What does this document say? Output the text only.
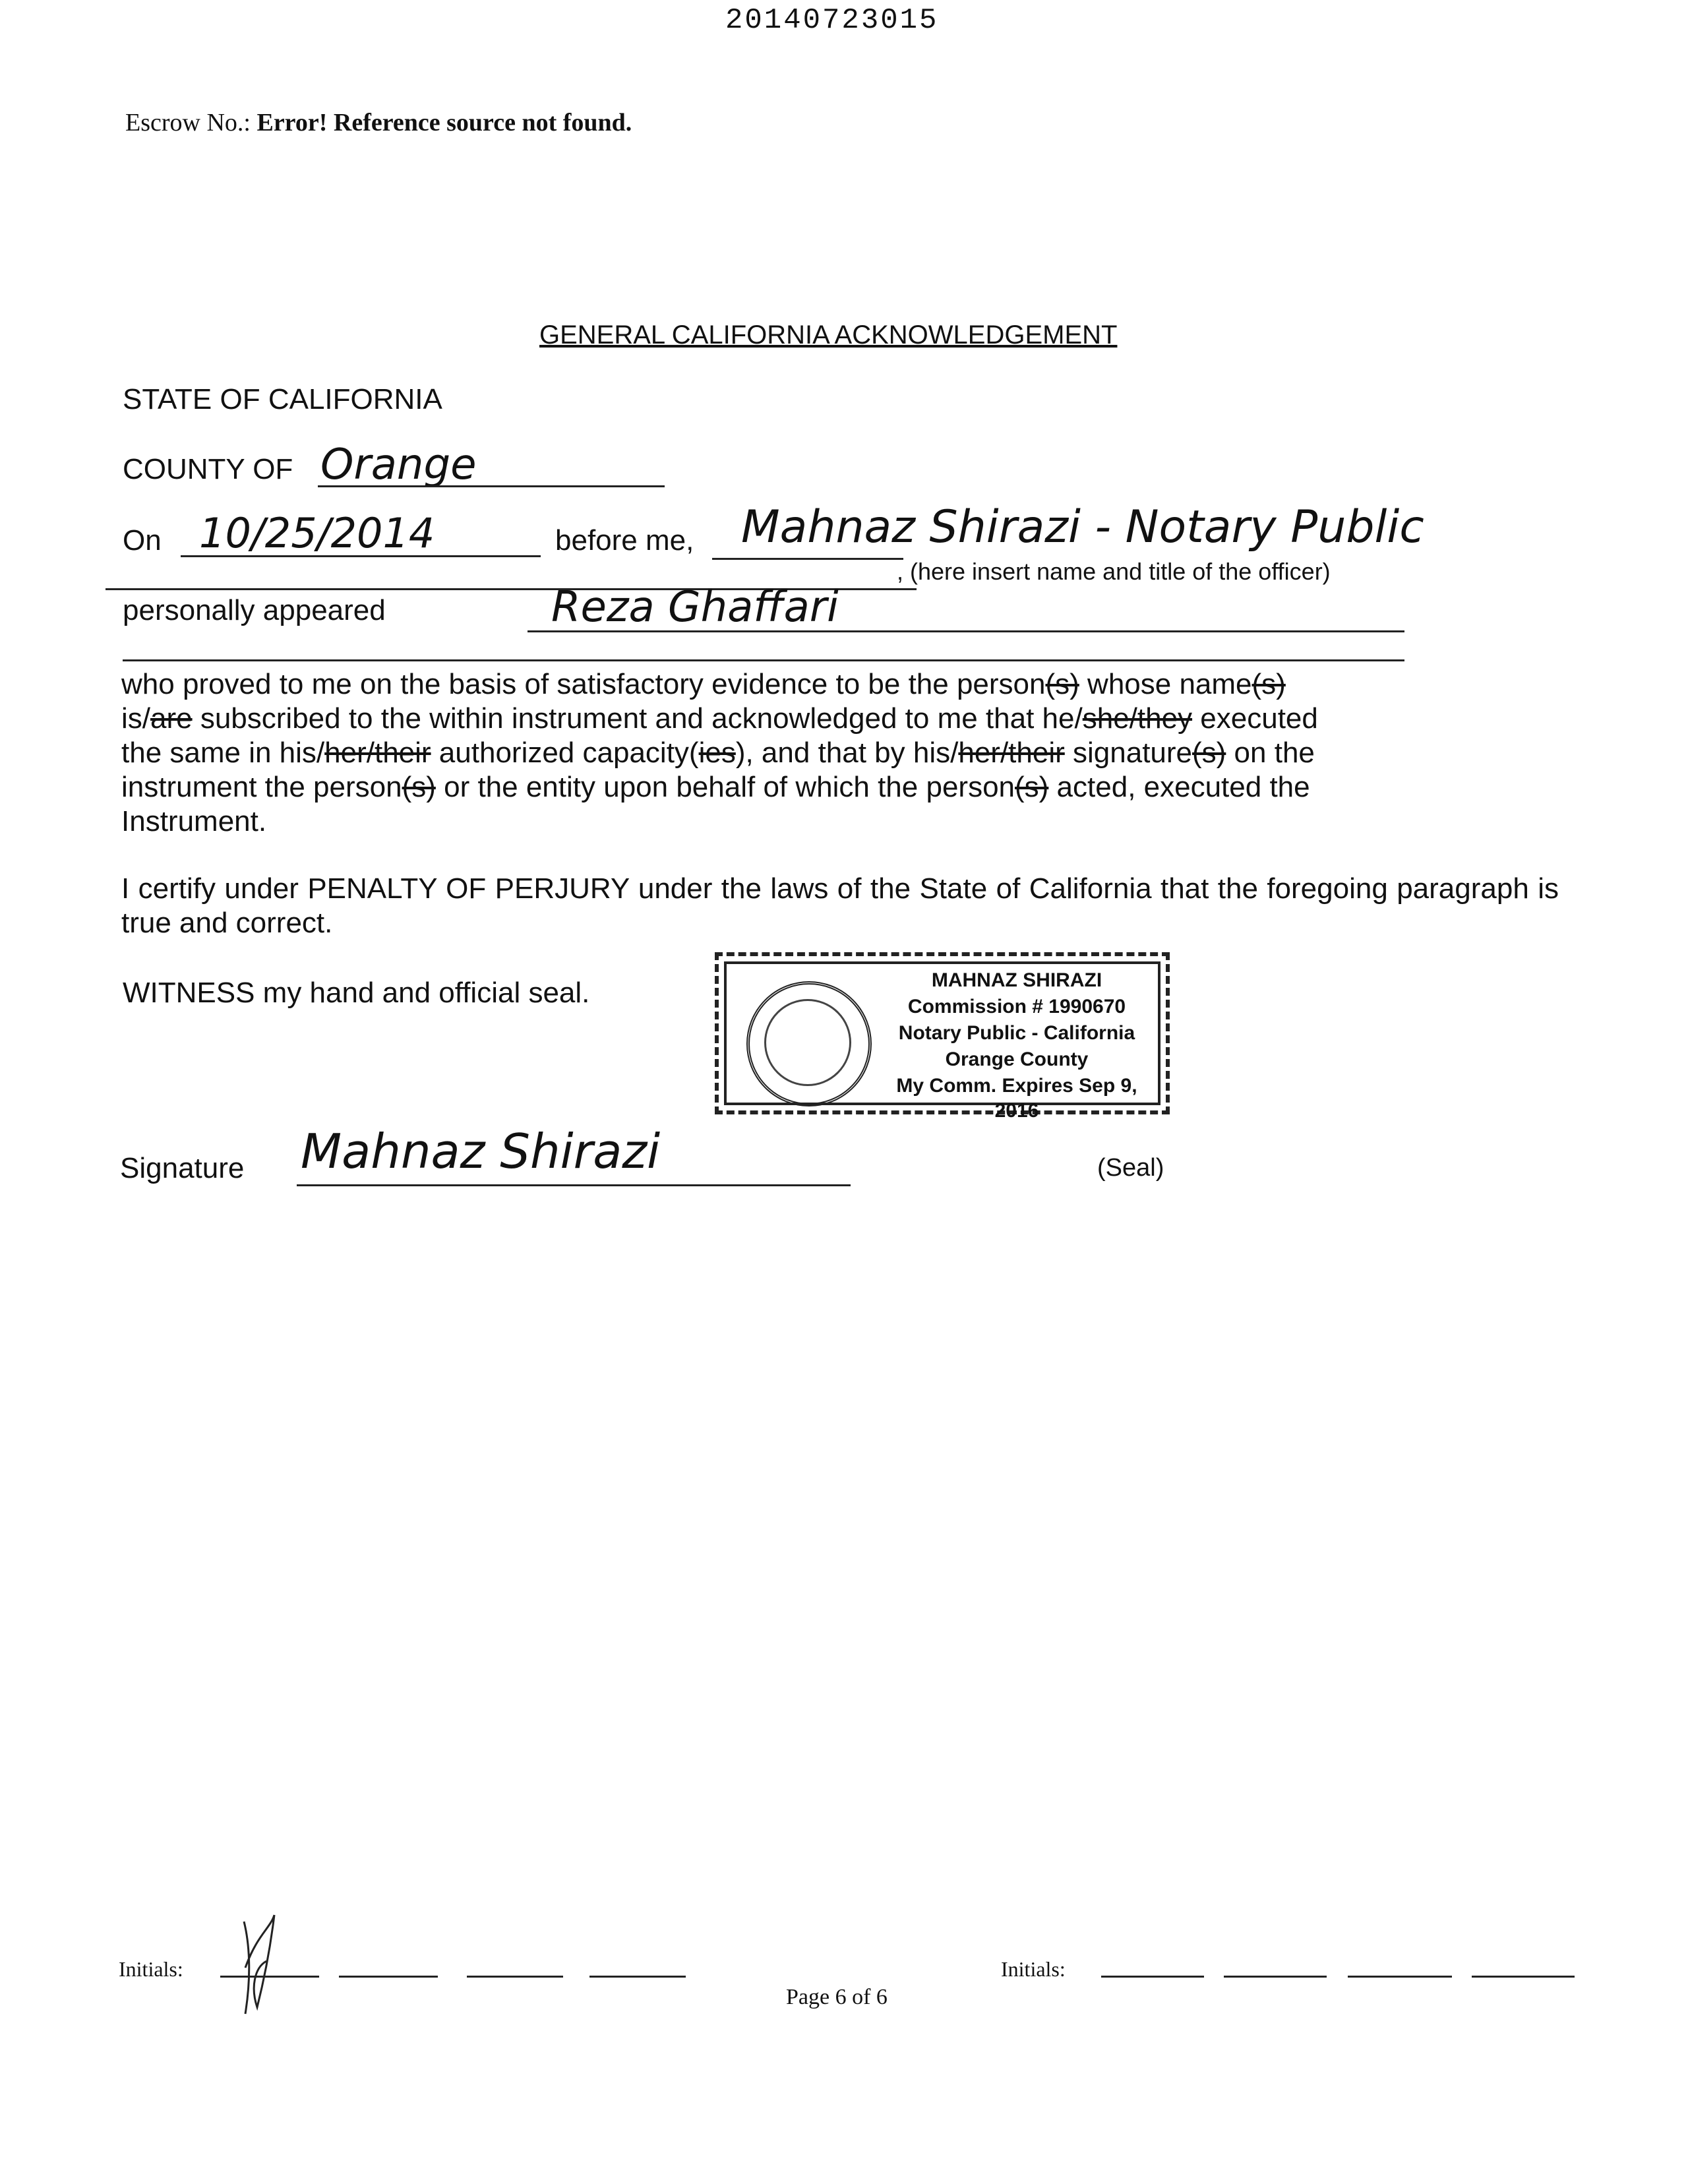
20140723015
Escrow No.: Error! Reference source not found.
GENERAL CALIFORNIA ACKNOWLEDGEMENT
STATE OF CALIFORNIA
COUNTY OF Orange
On 10/25/2014	before me, Mahnaz Shirazi - Notary Public
, (here insert name and title of the officer)
personally appeared	Reza Ghaffari
who proved to me on the basis of satisfactory evidence to be the person(s) whose name(s)
is/are subscribed to the within instrument and acknowledged to me that he/she/they executed
the same in his/her/their authorized capacity(ies), and that by his/her/their signature(s) on the
instrument the person(s) or the entity upon behalf of which the person(s) acted, executed the
Instrument.
I certify under PENALTY OF PERJURY under the laws of the State of California that the foregoing paragraph is true and correct.
WITNESS my hand and official seal.	MAHNAZ SHIRAZI
Commission # 1990670
Notary Public - California
Orange County
My Comm. Expires Sep 9, 2016
Signature Mahnaz Shirazi	(Seal)
Initials:	Initials:
Page 6 of 6
